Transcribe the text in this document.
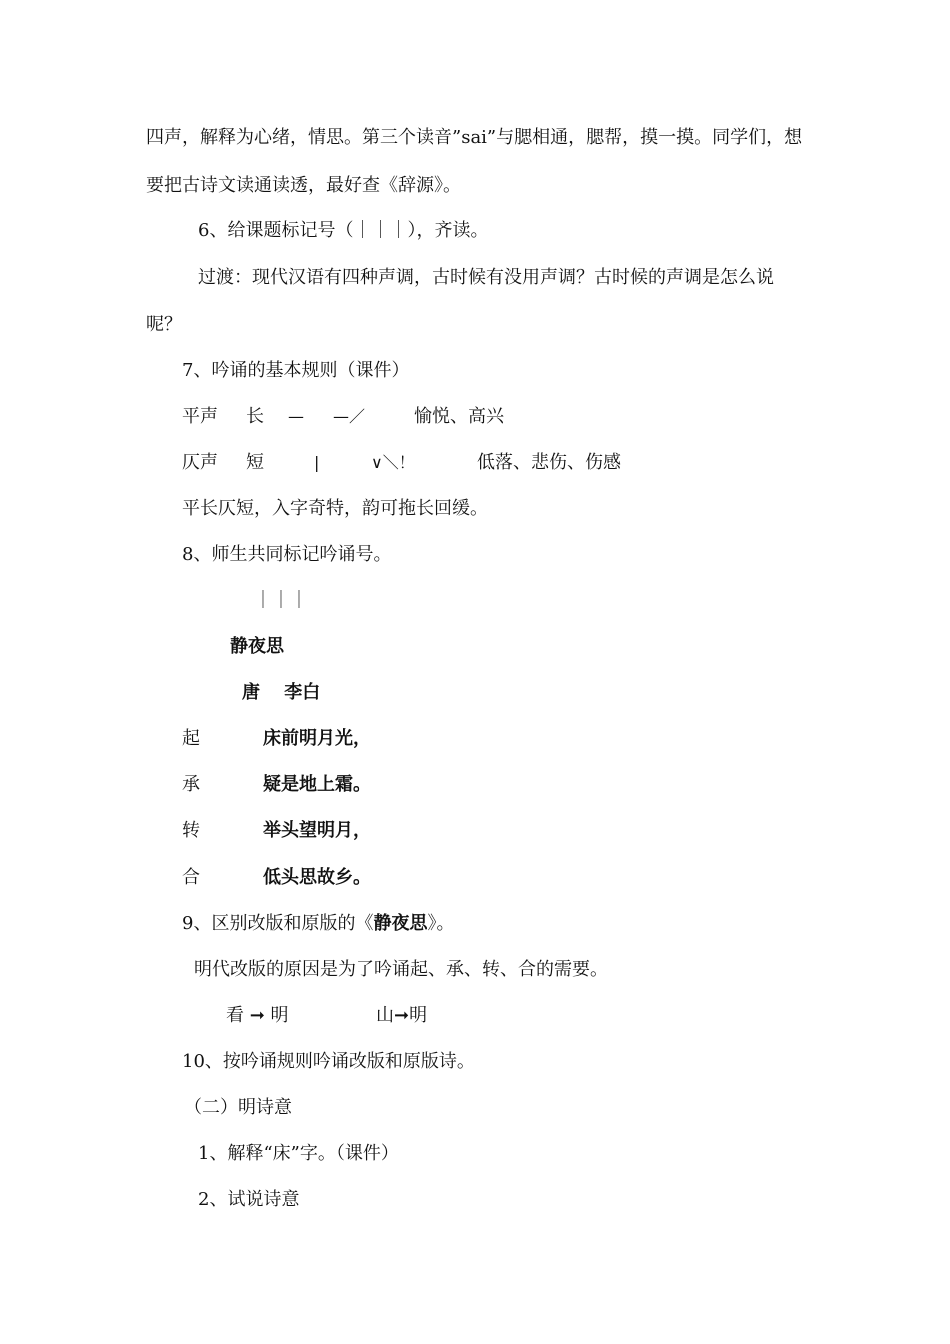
四声，解释为心绪，情思。第三个读音”sai”与腮相通，腮帮，摸一摸。同学们，想
要把古诗文读通读透，最好查《辞源》。
6、给课题标记号（｜｜｜），齐读。
过渡：现代汉语有四种声调，古时候有没用声调？古时候的声调是怎么说
呢？
7、吟诵的基本规则（课件）
平声 长 — —／	愉悦、高兴
仄声 短	|	∨＼！	低落、悲伤、伤感
平长仄短，入字奇特，韵可拖长回缓。
8、师生共同标记吟诵号。
｜｜｜
静夜思
唐　 李白
起	床前明月光，
承	疑是地上霜。
转	举头望明月，
合	低头思故乡。
9、区别改版和原版的《静夜思》。
明代改版的原因是为了吟诵起、承、转、合的需要。
看 ➞ 明	山➞明
10、按吟诵规则吟诵改版和原版诗。
（二）明诗意
1、解释“床”字。（课件）
2、试说诗意
